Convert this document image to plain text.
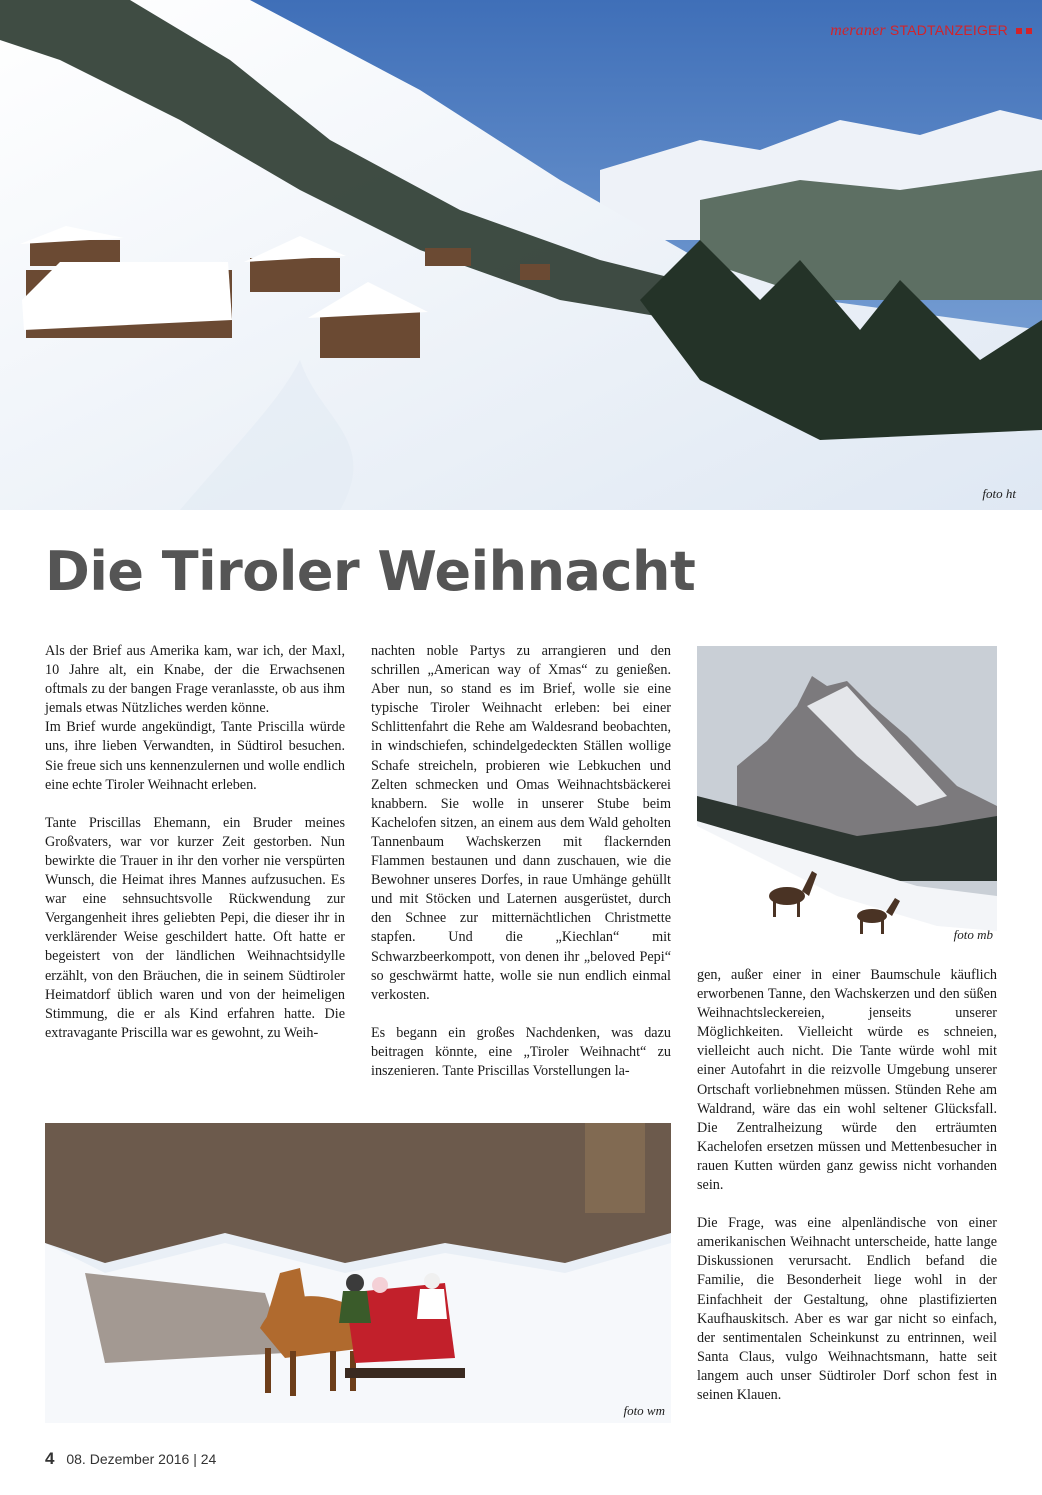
foto ht
meraner STADTANZEIGER
Die Tiroler Weihnacht

Als der Brief aus Amerika kam, war ich, der Maxl, 10 Jahre alt, ein Knabe, der die Erwachsenen oftmals zu der bangen Frage veranlasste, ob aus ihm jemals etwas Nützliches werden könne.

Im Brief wurde angekündigt, Tante Priscilla würde uns, ihre lieben Verwandten, in Südtirol besuchen. Sie freue sich uns kennenzulernen und wolle endlich eine echte Tiroler Weihnacht erleben.

Tante Priscillas Ehemann, ein Bruder meines Großvaters, war vor kurzer Zeit gestorben. Nun bewirkte die Trauer in ihr den vorher nie verspürten Wunsch, die Heimat ihres Mannes aufzusuchen. Es war eine sehnsuchtsvolle Rückwendung zur Vergangenheit ihres geliebten Pepi, die dieser ihr in verklärender Weise geschildert hatte. Oft hatte er begeistert von der ländlichen Weihnachtsidylle erzählt, von den Bräuchen, die in seinem Südtiroler Heimatdorf üblich waren und von der heimeligen Stimmung, die er als Kind erfahren hatte. Die extravagante Priscilla war es gewohnt, zu Weih-

nachten noble Partys zu arrangieren und den schrillen „American way of Xmas“ zu genießen. Aber nun, so stand es im Brief, wolle sie eine typische Tiroler Weihnacht erleben: bei einer Schlittenfahrt die Rehe am Waldesrand beobachten, in windschiefen, schindelgedeckten Ställen wollige Schafe streicheln, probieren wie Lebkuchen und Zelten schmecken und Omas Weihnachtsbäckerei knabbern. Sie wolle in unserer Stube beim Kachelofen sitzen, an einem aus dem Wald geholten Tannenbaum Wachskerzen mit flackernden Flammen bestaunen und dann zuschauen, wie die Bewohner unseres Dorfes, in raue Umhänge gehüllt und mit Stöcken und Laternen ausgerüstet, durch den Schnee zur mitternächtlichen Christmette stapfen. Und die „Kiechlan“ mit Schwarzbeerkompott, von denen ihr „beloved Pepi“ so geschwärmt hatte, wolle sie nun endlich einmal verkosten.

Es begann ein großes Nachdenken, was dazu beitragen könnte, eine „Tiroler Weihnacht“ zu inszenieren. Tante Priscillas Vorstellungen la-

foto mb

gen, außer einer in einer Baumschule käuflich erworbenen Tanne, den Wachskerzen und den süßen Weihnachtsleckereien, jenseits unserer Möglichkeiten. Vielleicht würde es schneien, vielleicht auch nicht. Die Tante würde wohl mit einer Autofahrt in die reizvolle Umgebung unserer Ortschaft vorliebnehmen müssen. Stünden Rehe am Waldrand, wäre das ein wohl seltener Glücksfall. Die Zentralheizung würde den erträumten Kachelofen ersetzen müssen und Mettenbesucher in rauen Kutten würden ganz gewiss nicht vorhanden sein.

Die Frage, was eine alpenländische von einer amerikanischen Weihnacht unterscheide, hatte lange Diskussionen verursacht. Endlich befand die Familie, die Besonderheit liege wohl in der Einfachheit der Gestaltung, ohne plastifizierten Kaufhauskitsch. Aber es war gar nicht so einfach, der sentimentalen Scheinkunst zu entrinnen, weil Santa Claus, vulgo Weihnachtsmann, hatte seit langem auch unser Südtiroler Dorf schon fest in seinen Klauen.

foto wm
4 08. Dezember 2016 | 24
